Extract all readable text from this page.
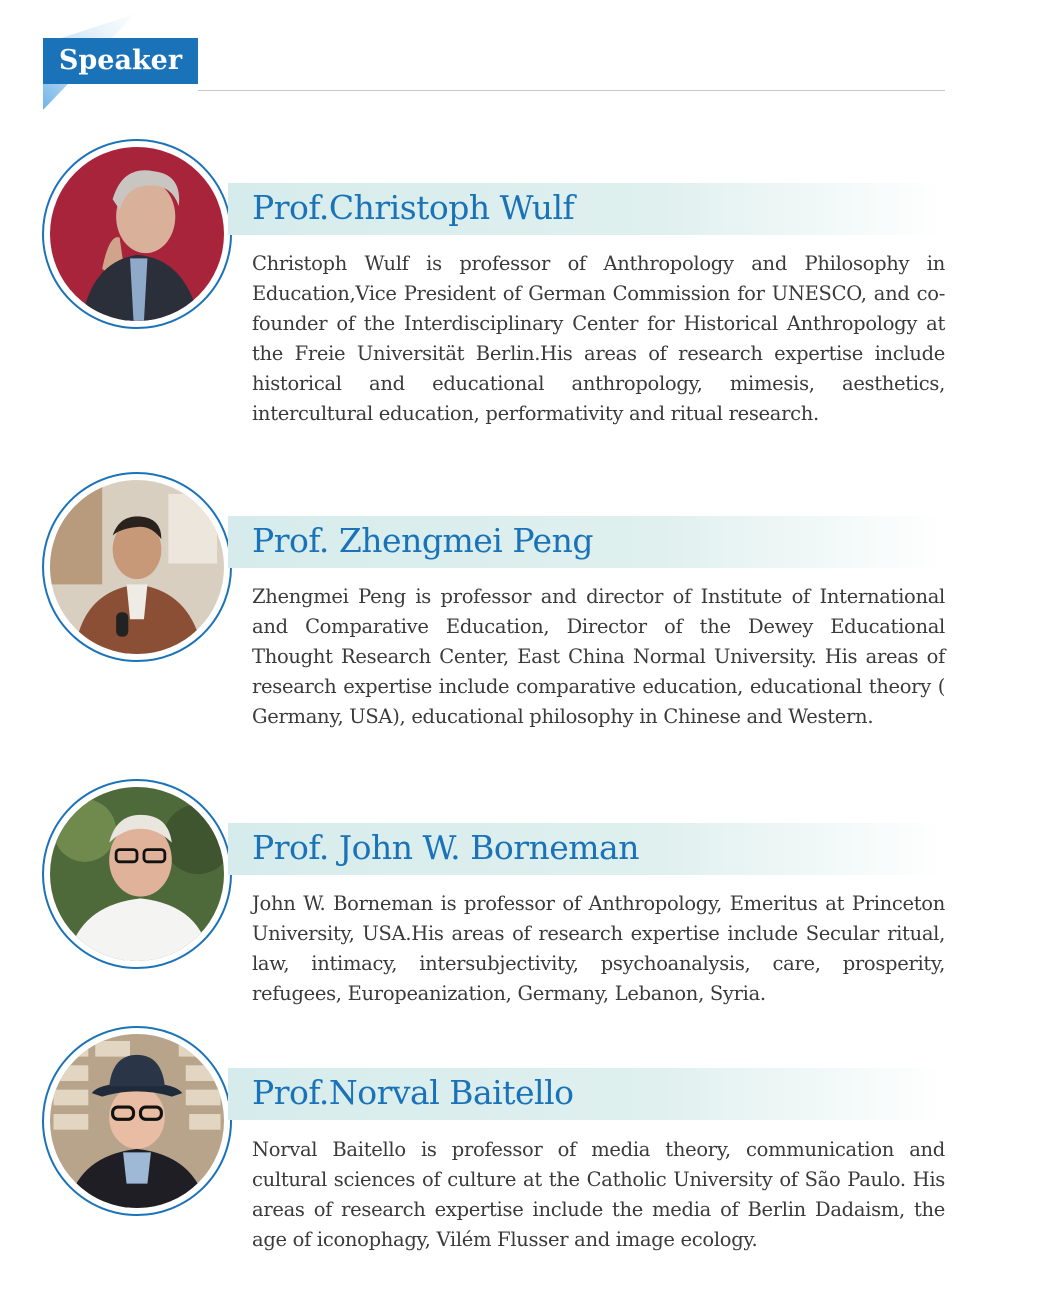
Speaker
Prof.Christoph Wulf
Christoph Wulf is professor of Anthropology and Philosophy in Education,Vice President of German Commission for UNESCO, and co-founder of the Interdisciplinary Center for Historical Anthropology at the Freie Universität Berlin.His areas of research expertise include historical and educational anthropology, mimesis, aesthetics, intercultural education, performativity and ritual research.
Prof. Zhengmei Peng
Zhengmei Peng is professor and director of Institute of International and Comparative Education, Director of the Dewey Educational Thought Research Center, East China Normal University. His areas of research expertise include comparative education, educational theory ( Germany, USA), educational philosophy in Chinese and Western.
Prof. John W. Borneman
John W. Borneman is professor of Anthropology, Emeritus at Princeton University, USA.His areas of research expertise include Secular ritual, law, intimacy, intersubjectivity, psychoanalysis, care, prosperity, refugees, Europeanization, Germany, Lebanon, Syria.
Prof.Norval Baitello
Norval Baitello is professor of media theory, communication and cultural sciences of culture at the Catholic University of São Paulo. His areas of research expertise include the media of Berlin Dadaism, the age of iconophagy, Vilém Flusser and image ecology.
